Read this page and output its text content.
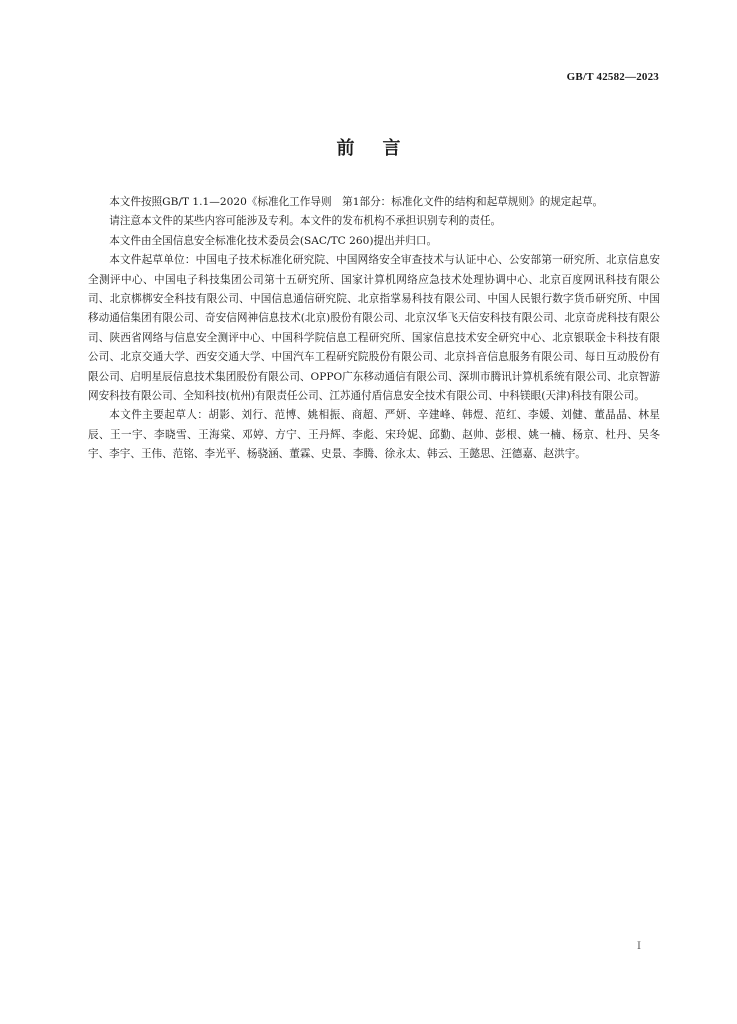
GB/T 42582—2023
前言

本文件按照GB/T 1.1—2020《标准化工作导则　第1部分：标准化文件的结构和起草规则》的规定起草。

请注意本文件的某些内容可能涉及专利。本文件的发布机构不承担识别专利的责任。

本文件由全国信息安全标准化技术委员会(SAC/TC 260)提出并归口。

本文件起草单位：中国电子技术标准化研究院、中国网络安全审查技术与认证中心、公安部第一研究所、北京信息安全测评中心、中国电子科技集团公司第十五研究所、国家计算机网络应急技术处理协调中心、北京百度网讯科技有限公司、北京梆梆安全科技有限公司、中国信息通信研究院、北京指掌易科技有限公司、中国人民银行数字货币研究所、中国移动通信集团有限公司、奇安信网神信息技术(北京)股份有限公司、北京汉华飞天信安科技有限公司、北京奇虎科技有限公司、陕西省网络与信息安全测评中心、中国科学院信息工程研究所、国家信息技术安全研究中心、北京银联金卡科技有限公司、北京交通大学、西安交通大学、中国汽车工程研究院股份有限公司、北京抖音信息服务有限公司、每日互动股份有限公司、启明星辰信息技术集团股份有限公司、OPPO广东移动通信有限公司、深圳市腾讯计算机系统有限公司、北京智游网安科技有限公司、全知科技(杭州)有限责任公司、江苏通付盾信息安全技术有限公司、中科镁眼(天津)科技有限公司。

本文件主要起草人：胡影、刘行、范博、姚相振、商超、严妍、辛建峰、韩煜、范红、李媛、刘健、董晶晶、林星辰、王一宇、李晓雪、王海棠、邓婷、方宁、王丹辉、李彪、宋玲妮、邱勤、赵帅、彭根、姚一楠、杨京、杜丹、吴冬宇、李宇、王伟、范铭、李光平、杨骁涵、董霖、史景、李腾、徐永太、韩云、王懿思、汪德嘉、赵洪宇。

I
